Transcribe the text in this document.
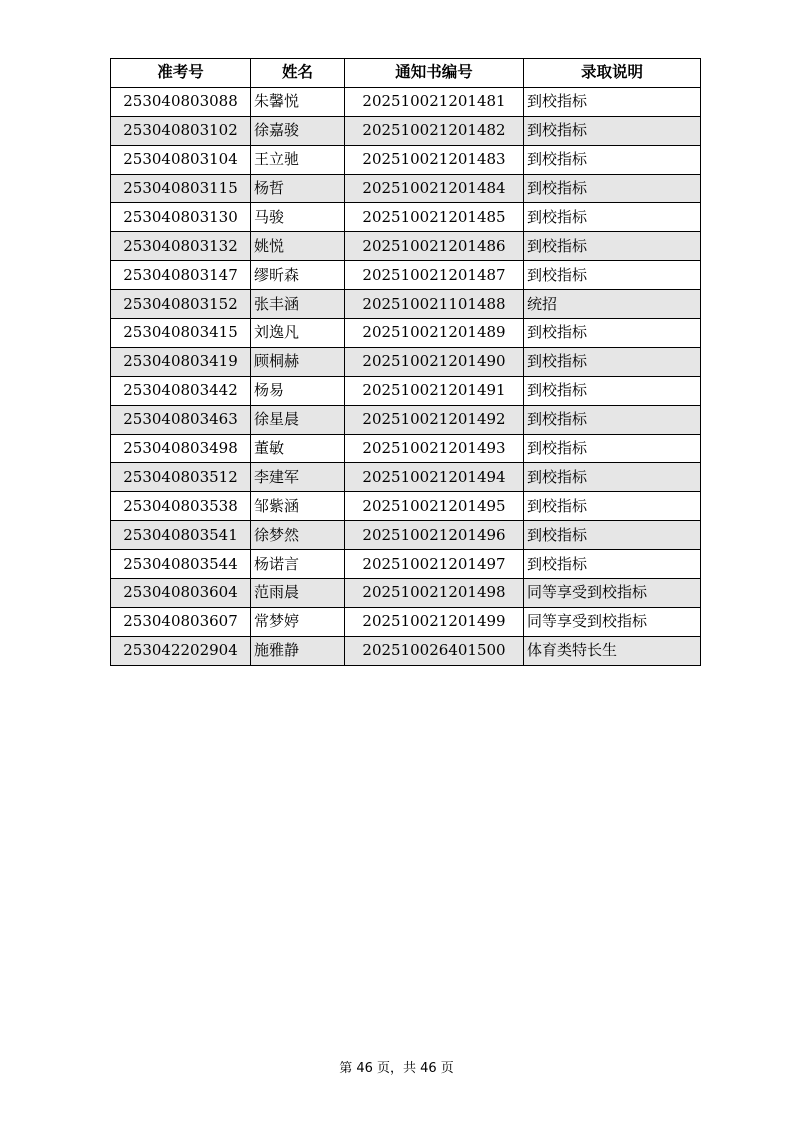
准考号	姓名	通知书编号	录取说明
253040803088	朱馨悦	202510021201481	到校指标
253040803102	徐嘉骏	202510021201482	到校指标
253040803104	王立驰	202510021201483	到校指标
253040803115	杨哲	202510021201484	到校指标
253040803130	马骏	202510021201485	到校指标
253040803132	姚悦	202510021201486	到校指标
253040803147	缪昕森	202510021201487	到校指标
253040803152	张丰涵	202510021101488	统招
253040803415	刘逸凡	202510021201489	到校指标
253040803419	顾桐赫	202510021201490	到校指标
253040803442	杨易	202510021201491	到校指标
253040803463	徐星晨	202510021201492	到校指标
253040803498	董敏	202510021201493	到校指标
253040803512	李建军	202510021201494	到校指标
253040803538	邹紫涵	202510021201495	到校指标
253040803541	徐梦然	202510021201496	到校指标
253040803544	杨诺言	202510021201497	到校指标
253040803604	范雨晨	202510021201498	同等享受到校指标
253040803607	常梦婷	202510021201499	同等享受到校指标
253042202904	施雅静	202510026401500	体育类特长生
第 46 页，共 46 页
